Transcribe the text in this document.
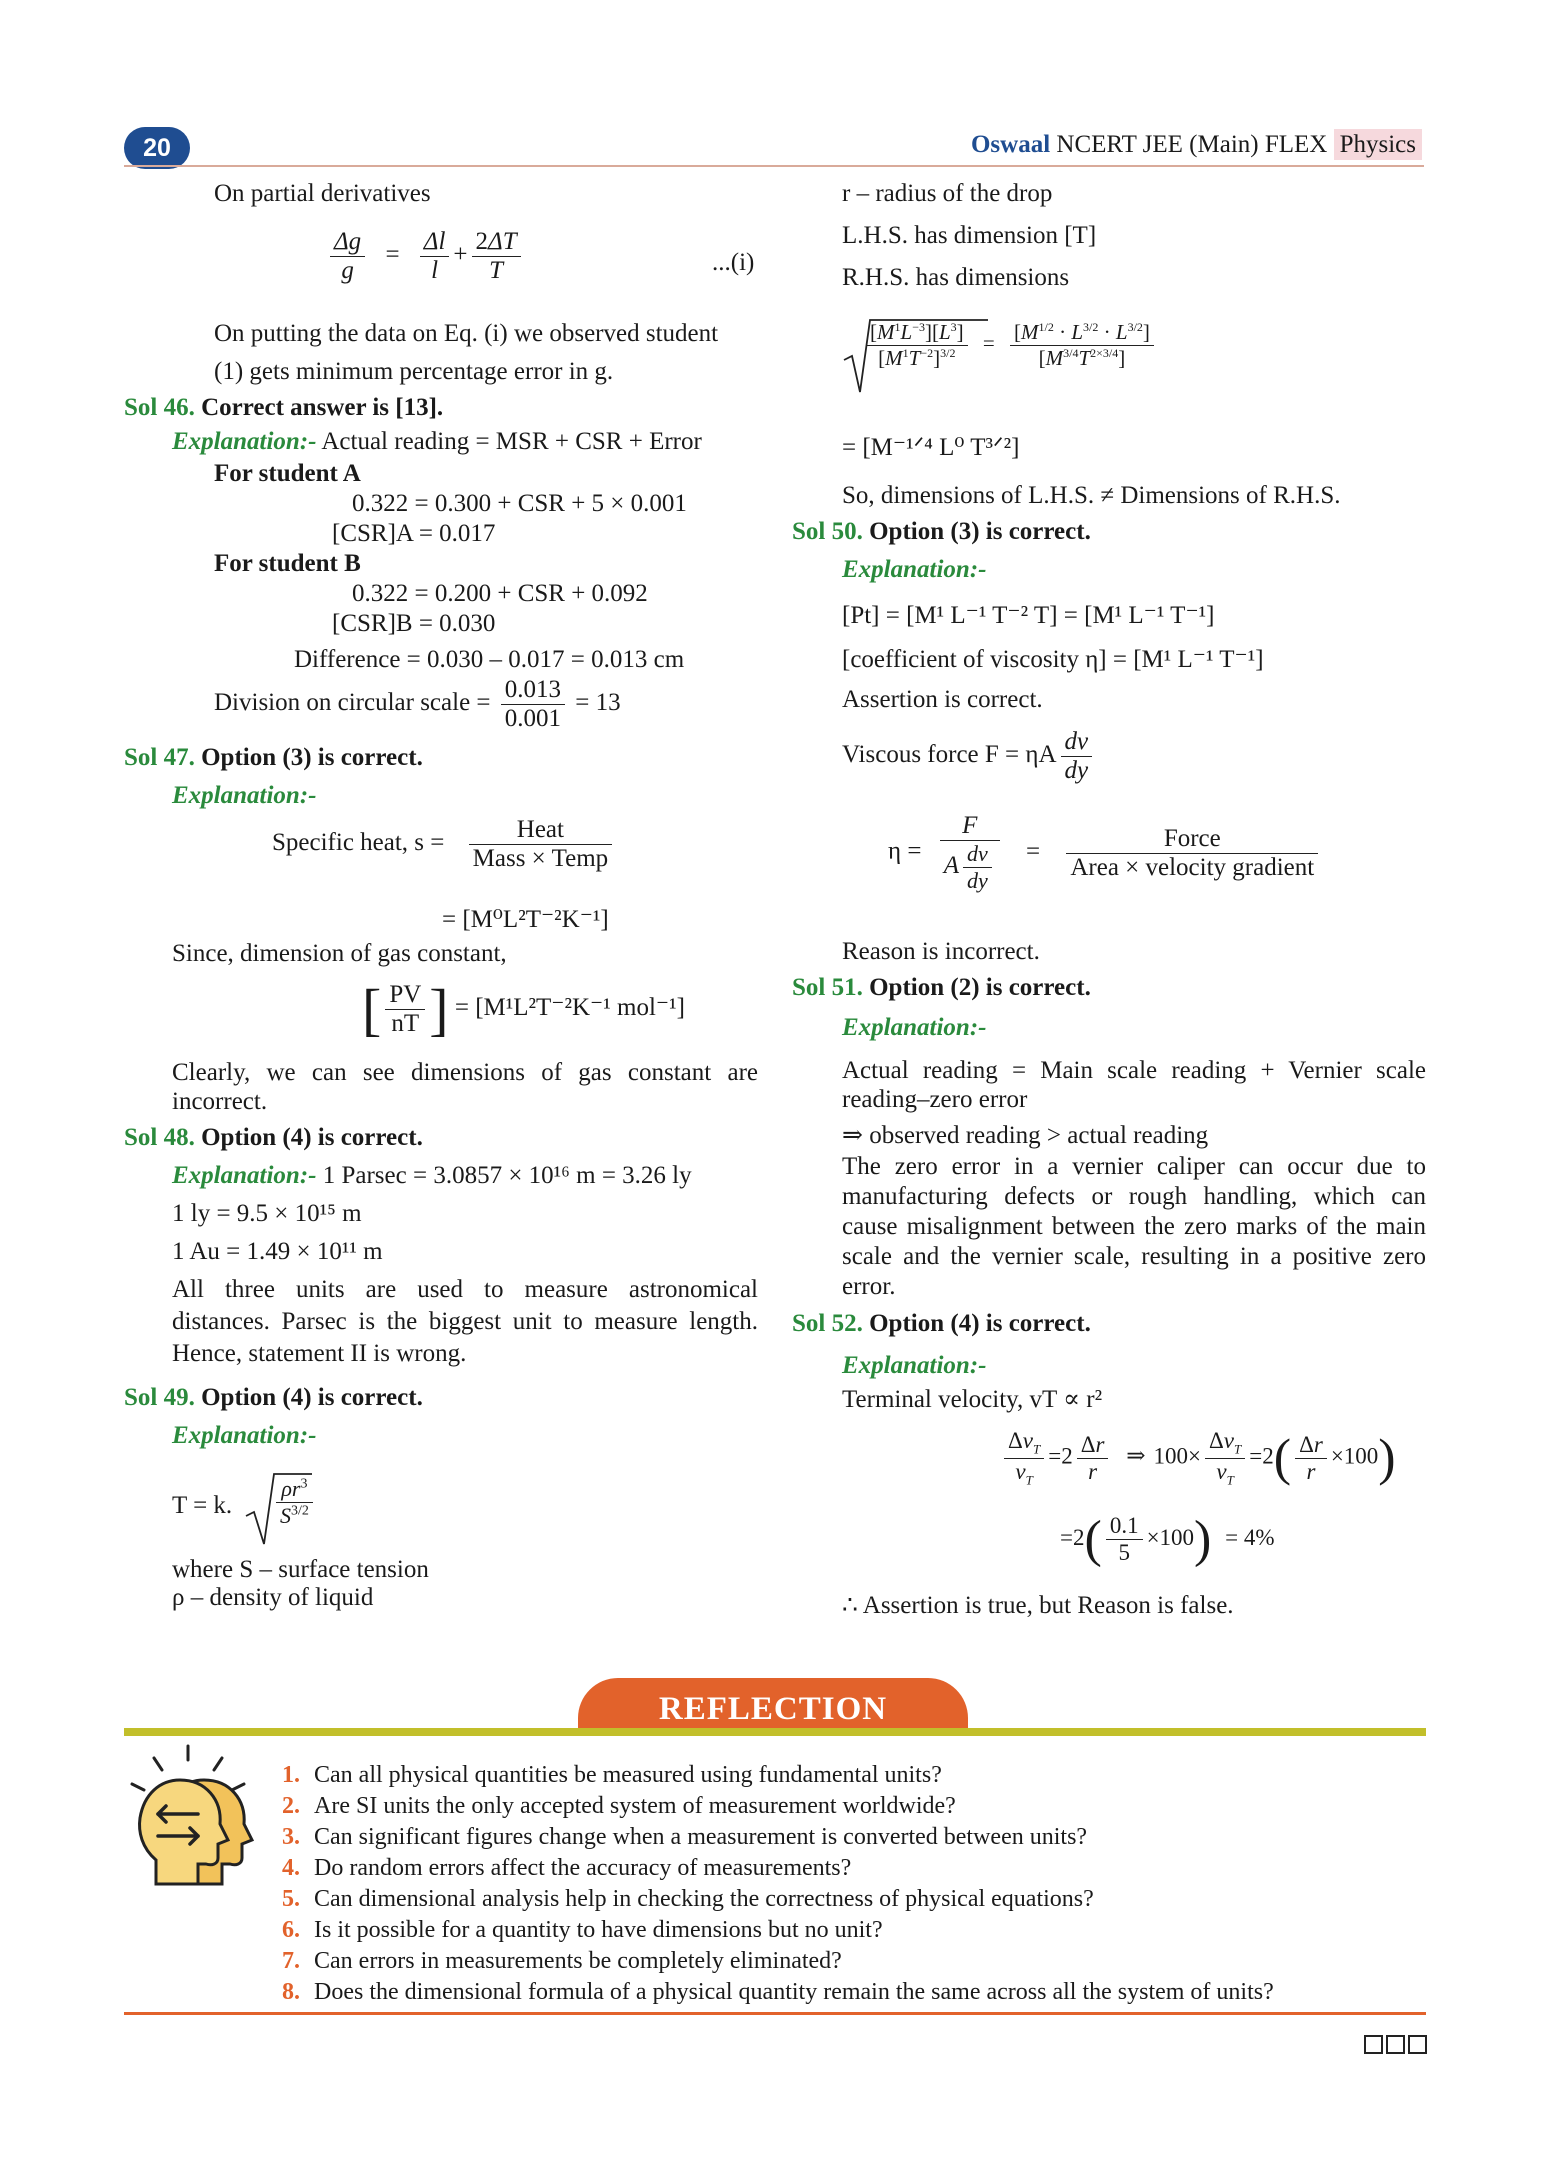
20	Oswaal NCERT JEE (Main) FLEX Physics
On partial derivatives
$\frac{\Delta g}{g} = \frac{\Delta l}{l} + \frac{2\Delta T}{T}$	...(i)
On putting the data on Eq. (i) we observed student
(1) gets minimum percentage error in g.
Sol 46. Correct answer is [13].
Explanation:- Actual reading = MSR + CSR + Error
For student A
0.322 = 0.300 + CSR + 5 × 0.001
[CSR]A = 0.017
For student B
0.322 = 0.200 + CSR + 0.092
[CSR]B = 0.030
Difference = 0.030 – 0.017 = 0.013 cm
Division on circular scale = $\frac{0.013}{0.001} = 13$
Sol 47. Option (3) is correct.
Explanation:-
Specific heat, $s = \frac{\text{Heat}}{\text{Mass × Temp}}$
= [M⁰L²T⁻²K⁻¹]
Since, dimension of gas constant,
[ $\frac{PV}{nT}$ ] = [M¹L²T⁻²K⁻¹ mol⁻¹]
Clearly, we can see dimensions of gas constant are incorrect.
Sol 48. Option (4) is correct.
Explanation:- 1 Parsec = 3.0857 × 10¹⁶ m = 3.26 ly
1 ly = 9.5 × 10¹⁵ m
1 Au = 1.49 × 10¹¹ m
All three units are used to measure astronomical distances. Parsec is the biggest unit to measure length. Hence, statement II is wrong.
Sol 49. Option (4) is correct.
Explanation:-
T = k. $\frac{\rho r^3}{S^{3/2}}$
where S – surface tension
ρ – density of liquid
r – radius of the drop
L.H.S. has dimension [T]
R.H.S. has dimensions
$\frac{[M^1L^{-3}][L^3]}{[M^1T^{-2}]^{3/2}} = \frac{[M^{1/2} \cdot L^{3/2} \cdot L^{3/2}]}{[M^{3/4}T^{2\times 3/4}]}$
= [M⁻¹ᐟ⁴ L⁰ T³ᐟ²]
So, dimensions of L.H.S. ≠ Dimensions of R.H.S.
Sol 50. Option (3) is correct.
Explanation:-
[Pt] = [M¹ L⁻¹ T⁻² T] = [M¹ L⁻¹ T⁻¹]
[coefficient of viscosity η] = [M¹ L⁻¹ T⁻¹]
Assertion is correct.
Viscous force F = ηA $\frac{dv}{dy}$
$\eta = \frac{F}{A \frac{dv}{dy}} = \frac{\text{Force}}{\text{Area × velocity gradient}}$
Reason is incorrect.
Sol 51. Option (2) is correct.
Explanation:-
Actual reading = Main scale reading + Vernier scale reading–zero error
⇒ observed reading > actual reading
The zero error in a vernier caliper can occur due to manufacturing defects or rough handling, which can cause misalignment between the zero marks of the main scale and the vernier scale, resulting in a positive zero error.
Sol 52. Option (4) is correct.
Explanation:-
Terminal velocity, vT ∝ r²
$\frac{\Delta v_T}{v_T} =2 \frac{\Delta r}{r}$ ⇒ $100\times \frac{\Delta v_T}{v_T} =2( \frac{\Delta r}{r} \times 100)$
$=2( \frac{0.1}{5} \times 100) = 4\%$
∴ Assertion is true, but Reason is false.
REFLECTION
1. Can all physical quantities be measured using fundamental units?
2. Are SI units the only accepted system of measurement worldwide?
3. Can significant figures change when a measurement is converted between units?
4. Do random errors affect the accuracy of measurements?
5. Can dimensional analysis help in checking the correctness of physical equations?
6. Is it possible for a quantity to have dimensions but no unit?
7. Can errors in measurements be completely eliminated?
8. Does the dimensional formula of a physical quantity remain the same across all the system of units?
